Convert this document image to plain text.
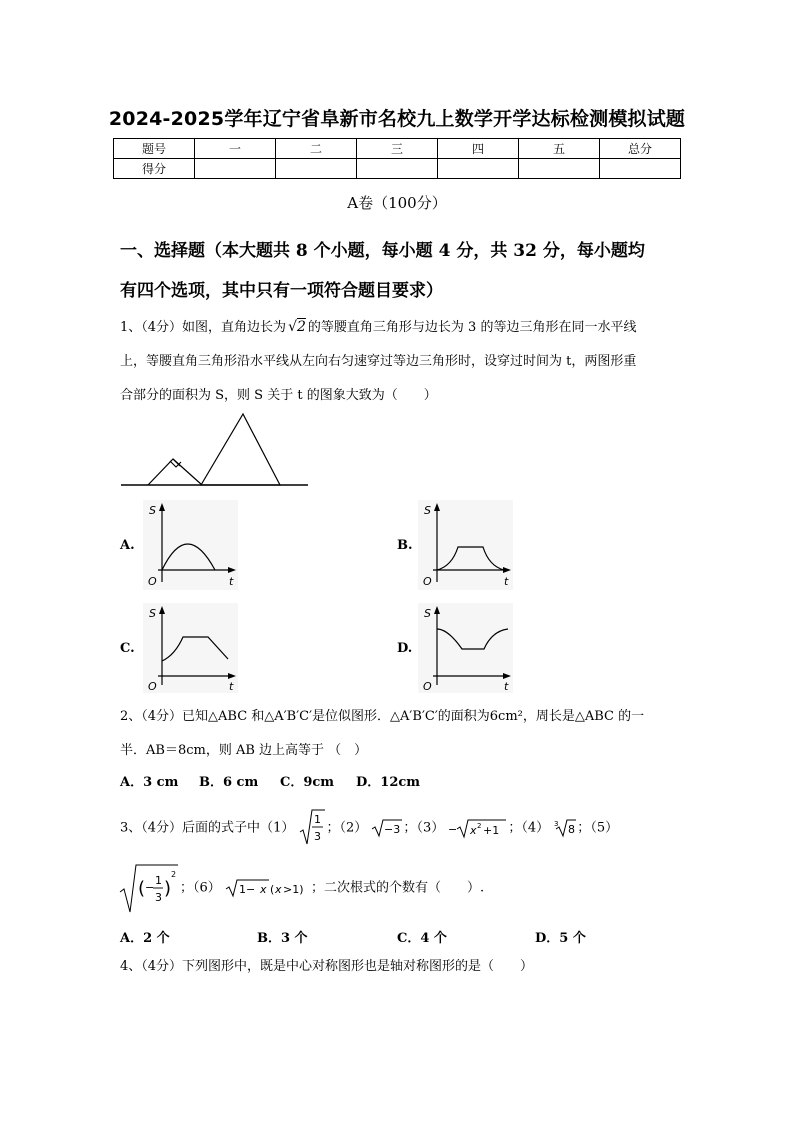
2024-2025学年辽宁省阜新市名校九上数学开学达标检测模拟试题
题号	一	二	三	四	五	总分
得分						
A卷（100分）
一、选择题（本大题共 8 个小题，每小题 4 分，共 32 分，每小题均
有四个选项，其中只有一项符合题目要求）
1、（4分）如图，直角边长为 √2 的等腰直角三角形与边长为 3 的等边三角形在同一水平线
上，等腰直角三角形沿水平线从左向右匀速穿过等边三角形时，设穿过时间为 t，两图形重
合部分的面积为 S，则 S 关于 t 的图象大致为（　　）
A.
S
t
O
B.
S
t
O
C.
S
t
O
D.
S
t
O
2、（4分）已知△ABC 和△A′B′C′是位似图形．△A′B′C′的面积为6cm²，周长是△ABC 的一
半．AB＝8cm，则 AB 边上高等于 （　）
A．3 cm B．6 cm C．9cm D．12cm
3、（4分）后面的式子中（1）
1
3
；（2） −3 ；（3） − x 2 +1 ；（4） 3 8 ；（5）
( −
1
3 )
2
；（6） 1− x ( x >1) ；二次根式的个数有（　　）.
A．2 个	B．3 个	C．4 个	D．5 个
4、（4分）下列图形中，既是中心对称图形也是轴对称图形的是（　　）
